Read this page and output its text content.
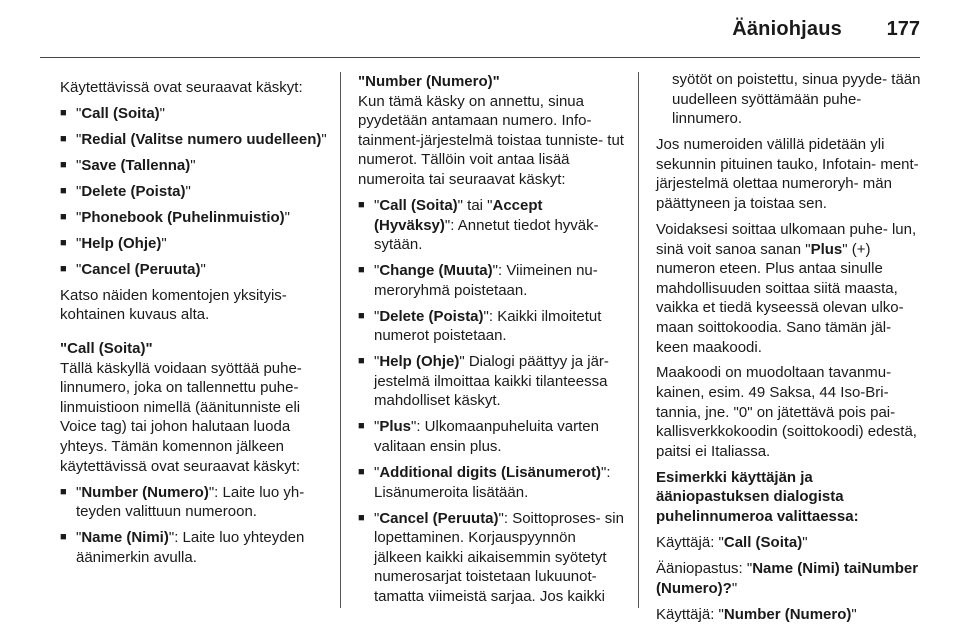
Ääniohjaus 177

Käytettävissä ovat seuraavat käskyt:

■ "Call (Soita)"
■ "Redial (Valitse numero uudelleen)"
■ "Save (Tallenna)"
■ "Delete (Poista)"
■ "Phonebook (Puhelinmuistio)"
■ "Help (Ohje)"
■ "Cancel (Peruuta)"

Katso näiden komentojen yksityis- kohtainen kuvaus alta.

"Call (Soita)"

Tällä käskyllä voidaan syöttää puhe- linnumero, joka on tallennettu puhe- linmuistioon nimellä (äänitunniste eli Voice tag) tai johon halutaan luoda yhteys. Tämän komennon jälkeen käytettävissä ovat seuraavat käskyt:

■ "Number (Numero)": Laite luo yh- teyden valittuun numeroon.
■ "Name (Nimi)": Laite luo yhteyden äänimerkin avulla.

"Number (Numero)"

Kun tämä käsky on annettu, sinua pyydetään antamaan numero. Info- tainment-järjestelmä toistaa tunniste- tut numerot. Tällöin voit antaa lisää numeroita tai seuraavat käskyt:

■ "Call (Soita)" tai "Accept (Hyväksy)": Annetut tiedot hyväk- sytään.
■ "Change (Muuta)": Viimeinen nu- meroryhmä poistetaan.
■ "Delete (Poista)": Kaikki ilmoitetut numerot poistetaan.
■ "Help (Ohje)" Dialogi päättyy ja jär- jestelmä ilmoittaa kaikki tilanteessa mahdolliset käskyt.
■ "Plus": Ulkomaanpuheluita varten valitaan ensin plus.
■ "Additional digits (Lisänumerot)": Lisänumeroita lisätään.
■ "Cancel (Peruuta)": Soittoproses- sin lopettaminen. Korjauspyynnön jälkeen kaikki aikaisemmin syötetyt numerosarjat toistetaan lukuunot- tamatta viimeistä sarjaa. Jos kaikki

syötöt on poistettu, sinua pyyde- tään uudelleen syöttämään puhe- linnumero.

Jos numeroiden välillä pidetään yli sekunnin pituinen tauko, Infotain- ment-järjestelmä olettaa numeroryh- män päättyneen ja toistaa sen.

Voidaksesi soittaa ulkomaan puhe- lun, sinä voit sanoa sanan "Plus" (+) numeron eteen. Plus antaa sinulle mahdollisuuden soittaa siitä maasta, vaikka et tiedä kyseessä olevan ulko- maan soittokoodia. Sano tämän jäl- keen maakoodi.

Maakoodi on muodoltaan tavanmu- kainen, esim. 49 Saksa, 44 Iso-Bri- tannia, jne. "0" on jätettävä pois pai- kallisverkkokoodin (soittokoodi) edestä, paitsi ei Italiassa.

Esimerkki käyttäjän ja ääniopastuksen dialogista puhelinnumeroa valittaessa:

Käyttäjä: "Call (Soita)"

Ääniopastus: "Name (Nimi) taiNumber (Numero)?"

Käyttäjä: "Number (Numero)"
